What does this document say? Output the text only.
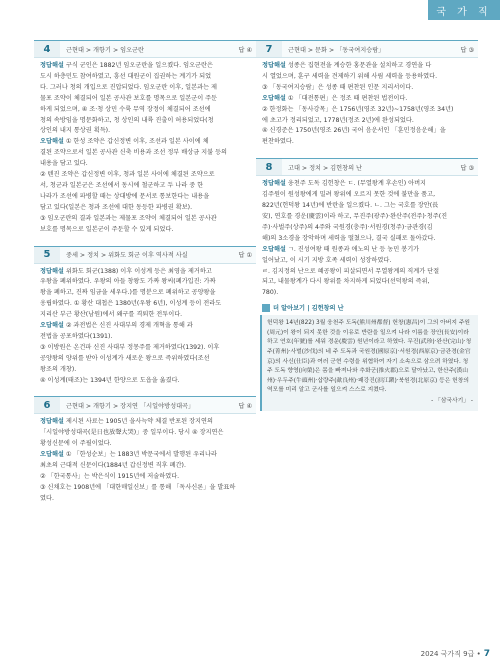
국 가 직
4	근현대 > 개항기 > 임오군란	답 ④

정답해설 구식 군인은 1882년 임오군란을 일으켰다. 임오군란은

도시 하층민도 참여하였고, 흥선 대원군이 집권하는 계기가 되었

다. 그러나 청의 개입으로 진압되었다. 임오군란 이후, 일본과는 제

물포 조약이 체결되어 일본 공사관 보호를 명목으로 일본군이 주둔

하게 되었으며, ④ 조·청 상민 수륙 무역 장정이 체결되어 조선에

청의 속방임을 명문화하고, 청 상인의 내륙 진출이 허용되었다(청

상인의 내지 통상권 획득).

오답해설 ① 한성 조약은 갑신정변 이후, 조선과 일본 사이에 체

결된 조약으로서 일본 공사관 신축 비용과 조선 정부 배상금 지불 등의

내용을 담고 있다.

② 텐진 조약은 갑신정변 이후, 청과 일본 사이에 체결된 조약으로

서, 청군과 일본군은 조선에서 동시에 철군하고 두 나라 중 한

나라가 조선에 파병할 때는 상대방에 문서로 통보한다는 내용을

담고 있다(일본은 청과 조선에 대한 동등한 파병권 확보).

③ 임오군란의 결과 일본과는 제물포 조약이 체결되어 일본 공사관

보호를 명목으로 일본군이 주둔할 수 있게 되었다.

5	중세 > 정치 > 위화도 회군 이후 역사적 사실	답 ①

정답해설 위화도 회군(1388) 이후 이성계 등은 최영을 제거하고

우왕을 폐위하였다. 우왕의 아들 창왕도 가짜 왕씨(폐가입진: 가짜

왕을 폐하고, 진짜 임금을 세우다.)를 명분으로 폐위하고 공양왕을

옹립하였다. ① 황산 대첩은 1380년(우왕 6년), 이성계 등이 전라도

지리산 부근 황산(남원)에서 왜구를 격퇴한 전투이다.

오답해설 ② 과전법은 신진 사대부의 경제 개혁을 통해 과

전법을 공포하였다(1391).

③ 이방원은 온건파 신진 사대부 정몽주를 제거하였다(1392). 이후

공양왕의 양위를 받아 이성계가 새로운 왕으로 즉위하였다(조선

왕조의 개창).

④ 이성계(태조)는 1394년 한양으로 도읍을 옮겼다.

6	근현대 > 개항기 > 장지연 「시일야방성대곡」	답 ④

정답해설 제시된 사료는 1905년 을사늑약 체결 반포된 장지연의

「시일야방성대곡(是日也放聲大哭)」중 일부이다. 당시 ④ 장지연은

황성신문에 이 주필이었다.

오답해설 ① 「한성순보」는 1883년 박문국에서 발행된 우리나라

최초의 근대적 신문이다(1884년 갑신정변 직후 폐간).

② 「한국통사」는 박은식이 1915년에 저술하였다.

③ 신채호는 1908년에 「대한매일신보」를 통해 「독사신론」을 발표하

였다.

7	근현대 > 문화 > 「동국여지승람」	답 ③

정답해설 성종은 집현전을 계승한 홍문관을 설치하고 경연을 다

시 열었으며, 훈구 세력을 견제하기 위해 사림 세력을 등용하였다.

③ 「동국여지승람」은 성종 때 편찬된 인문 지리서이다.

오답해설 ① 「대전통편」은 정조 때 편찬된 법전이다.

② 한정화는 「동사강목」은 1756년(영조 32년)~1758년(영조 34년)

에 초고가 정리되었고, 1778년(정조 2년)에 완성되었다.

④ 신경준은 1750년(영조 26년) 국어 음운서인 「훈민정음운해」을

편찬하였다.

8	고대 > 정치 > 김헌창의 난	답 ③

정답해설 웅천주 도독 김헌창은 ㄷ. (무열왕계 후손인) 아버지

김주원이 원성왕에게 밀려 왕위에 오르지 못한 것에 불만을 품고,

822년(헌덕왕 14년)에 반란을 일으켰다. ㄴ. 그는 국호를 장안(長

安), 연호를 경운(慶雲)이라 하고, 무진주(광주)·완산주(전주)·청주(진

주)·사벌주(상주)의 4주와 국원경(충주)·서원경(청주)·금관경(김

해)의 3소경을 장악하며 세력을 떨쳤으나, 결국 실패로 돌아갔다.

오답해설 ㄱ. 진성여왕 때 원종과 애노의 난 등 농민 봉기가

일어났고, 이 시기 지방 호족 세력이 성장하였다.

ㄹ. 김지정의 난으로 혜공왕이 피살되면서 무열왕계의 직계가 단절

되고, 내물왕계가 다시 왕위를 차지하게 되었다(선덕왕의 즉위,

780).

더 알아보기 | 김헌창의 난
헌덕왕 14년(822) 3월 웅천주 도독(熊川州都督) 헌창(憲昌)이 그의 아버지 주원(周元)이 왕이 되지 못한 것을 이유로 반란을 일으켜 나라 이름을 장안(長安)이라 하고 연호(年號)를 세워 경운(慶雲) 원년이라고 하였다. 무진(武珍)·완산(完山)·청주(菁州)·사벌(沙伐)의 네 주 도독과 국원경(國原京)·서원경(西原京)·금관경(金官京)의 사신(仕臣)과 여러 군현 수령을 위협하여 자기 소속으로 삼으려 하였다. 청주 도독 향영(向榮)은 몸을 빠져나와 추화군(推火郡)으로 달아났고, 한산주(漢山州)·우두주(牛頭州)·삽량주(歃良州)·패강진(浿江鎭)·북원경(北原京) 등은 헌창의 역모를 미리 알고 군사를 일으켜 스스로 지켰다.
- 「삼국사기」 -
2024 국가직 9급 • 7
